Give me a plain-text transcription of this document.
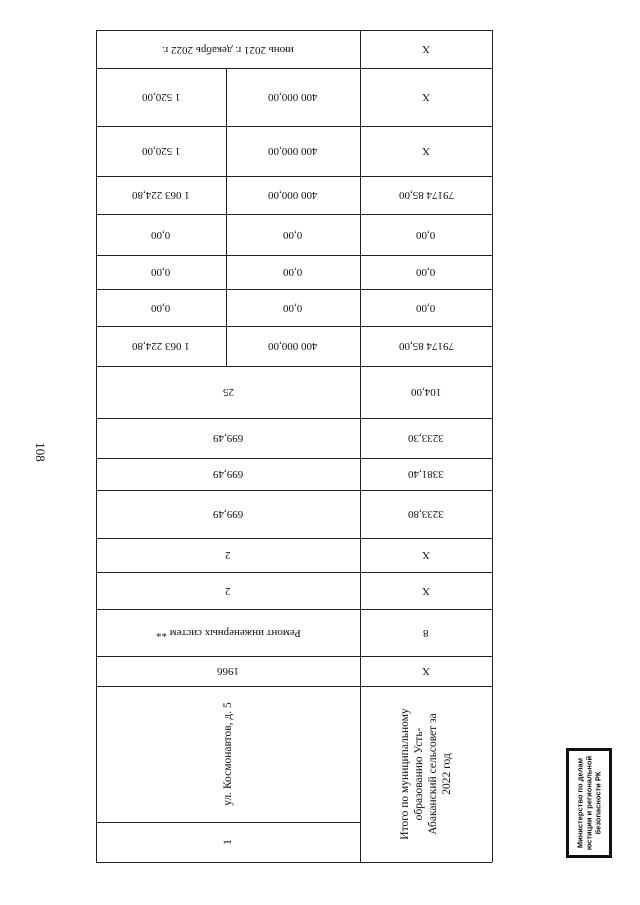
108
Министерство по делам юстиции и региональной безопасности РК
июнь 2021 г. декабрь 2022 г.	Х
1 520,00	400 000,00	Х
1 520,00	400 000,00	Х
1 063 224,80	400 000,00	79174 85,00
0,00	0,00	0,00
0,00	0,00	0,00
0,00	0,00	0,00
1 063 224,80	400 000,00	79174 85,00
25	104,00
699,49	3233,30
699,49	3381,40
699,49	3233,80
2	Х
2	Х
Ремонт инженерных систем **	8
1966	Х
ул. Космонавтов, д. 5	Итого по муниципальному образованию Усть-Абаканский сельсовет за 2022 год
1
